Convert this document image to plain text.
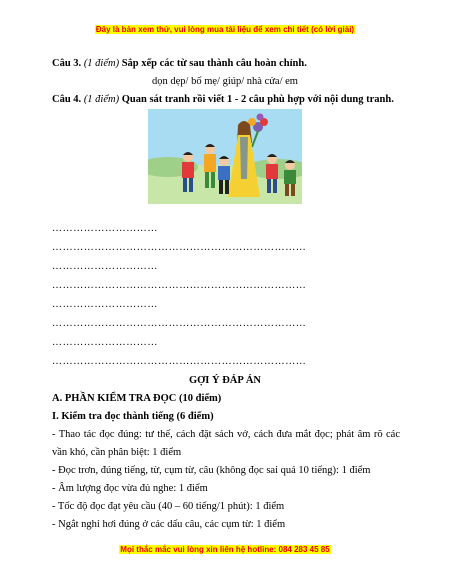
Đây là bản xem thử, vui lòng mua tài liệu để xem chi tiết (có lời giải)
Câu 3. (1 điểm) Sắp xếp các từ sau thành câu hoàn chỉnh.
dọn dẹp/ bố mẹ/ giúp/ nhà cửa/ em
Câu 4. (1 điểm) Quan sát tranh rồi viết 1 - 2 câu phù hợp với nội dung tranh.
…………………………
………………………………………………………………
…………………………
………………………………………………………………
…………………………
………………………………………………………………
…………………………
………………………………………………………………
GỢI Ý ĐÁP ÁN
A. PHẦN KIỂM TRA ĐỌC (10 điểm)
I. Kiểm tra đọc thành tiếng (6 điểm)
- Thao tác đọc đúng: tư thế, cách đặt sách vở, cách đưa mắt đọc; phát âm rõ các
vần khó, cần phân biệt: 1 điểm
- Đọc trơn, đúng tiếng, từ, cụm từ, câu (không đọc sai quá 10 tiếng): 1 điểm
- Âm lượng đọc vừa đủ nghe: 1 điểm
- Tốc độ đọc đạt yêu cầu (40 – 60 tiếng/1 phút): 1 điểm
- Ngắt nghỉ hơi đúng ở các dấu câu, các cụm từ: 1 điểm
Mọi thắc mắc vui lòng xin liên hệ hotline: 084 283 45 85
